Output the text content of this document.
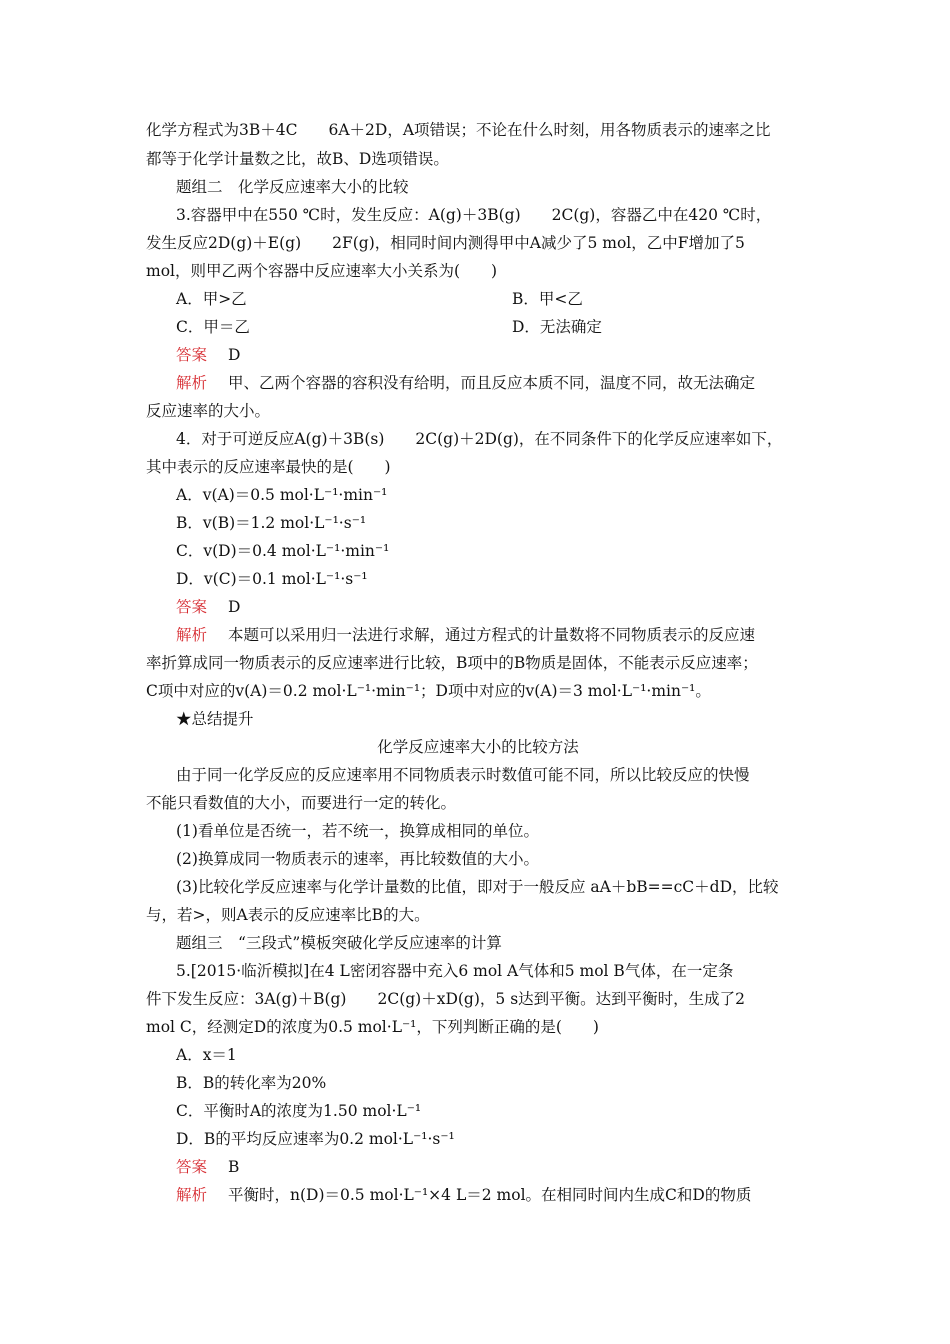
化学方程式为3B＋4C　　6A＋2D，A项错误；不论在什么时刻，用各物质表示的速率之比
都等于化学计量数之比，故B、D选项错误。
题组二　化学反应速率大小的比较
3.容器甲中在550 ℃时，发生反应：A(g)＋3B(g)　　2C(g)，容器乙中在420 ℃时，
发生反应2D(g)＋E(g)　　2F(g)，相同时间内测得甲中A减少了5 mol，乙中F增加了5
mol，则甲乙两个容器中反应速率大小关系为(　　)
A．甲>乙	B．甲<乙
C．甲＝乙	D．无法确定
答案 D
解析 甲、乙两个容器的容积没有给明，而且反应本质不同，温度不同，故无法确定
反应速率的大小。
4．对于可逆反应A(g)＋3B(s)　　2C(g)＋2D(g)，在不同条件下的化学反应速率如下，
其中表示的反应速率最快的是(　　)
A．v(A)＝0.5 mol·L⁻¹·min⁻¹
B．v(B)＝1.2 mol·L⁻¹·s⁻¹
C．v(D)＝0.4 mol·L⁻¹·min⁻¹
D．v(C)＝0.1 mol·L⁻¹·s⁻¹
答案 D
解析 本题可以采用归一法进行求解，通过方程式的计量数将不同物质表示的反应速
率折算成同一物质表示的反应速率进行比较，B项中的B物质是固体，不能表示反应速率；
C项中对应的v(A)＝0.2 mol·L⁻¹·min⁻¹；D项中对应的v(A)＝3 mol·L⁻¹·min⁻¹。
★总结提升
化学反应速率大小的比较方法
由于同一化学反应的反应速率用不同物质表示时数值可能不同，所以比较反应的快慢
不能只看数值的大小，而要进行一定的转化。
(1)看单位是否统一，若不统一，换算成相同的单位。
(2)换算成同一物质表示的速率，再比较数值的大小。
(3)比较化学反应速率与化学计量数的比值，即对于一般反应 aA＋bB==cC＋dD，比较
与，若>，则A表示的反应速率比B的大。
题组三　“三段式”模板突破化学反应速率的计算
5.[2015·临沂模拟]在4 L密闭容器中充入6 mol A气体和5 mol B气体，在一定条
件下发生反应：3A(g)＋B(g)　　2C(g)＋xD(g)，5 s达到平衡。达到平衡时，生成了2
mol C，经测定D的浓度为0.5 mol·L⁻¹，下列判断正确的是(　　)
A．x＝1
B．B的转化率为20%
C．平衡时A的浓度为1.50 mol·L⁻¹
D．B的平均反应速率为0.2 mol·L⁻¹·s⁻¹
答案 B
解析 平衡时，n(D)＝0.5 mol·L⁻¹×4 L＝2 mol。在相同时间内生成C和D的物质
